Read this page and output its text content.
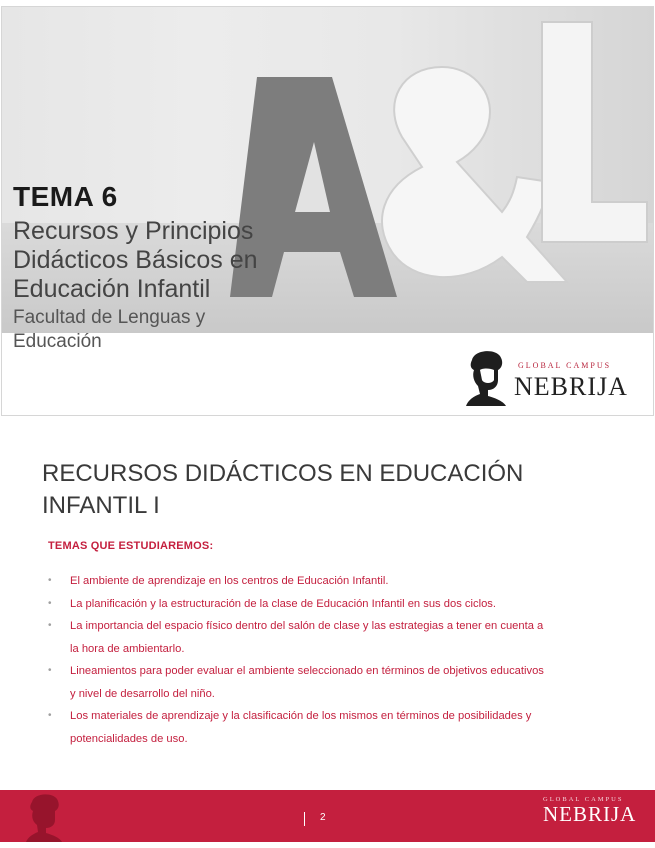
TEMA 6
Recursos y Principios
Didácticos Básicos en
Educación Infantil
Facultad de Lenguas y
Educación
GLOBAL CAMPUS
NEBRIJA
RECURSOS DIDÁCTICOS EN EDUCACIÓN
INFANTIL I
TEMAS QUE ESTUDIAREMOS:
• El ambiente de aprendizaje en los centros de Educación Infantil.
• La planificación y la estructuración de la clase de Educación Infantil en sus dos ciclos.
• La importancia del espacio físico dentro del salón de clase y las estrategias a tener en cuenta a
la hora de ambientarlo.
• Lineamientos para poder evaluar el ambiente seleccionado en términos de objetivos educativos
y nivel de desarrollo del niño.
• Los materiales de aprendizaje y la clasificación de los mismos en términos de posibilidades y
potencialidades de uso.
2
GLOBAL CAMPUS
NEBRIJA
